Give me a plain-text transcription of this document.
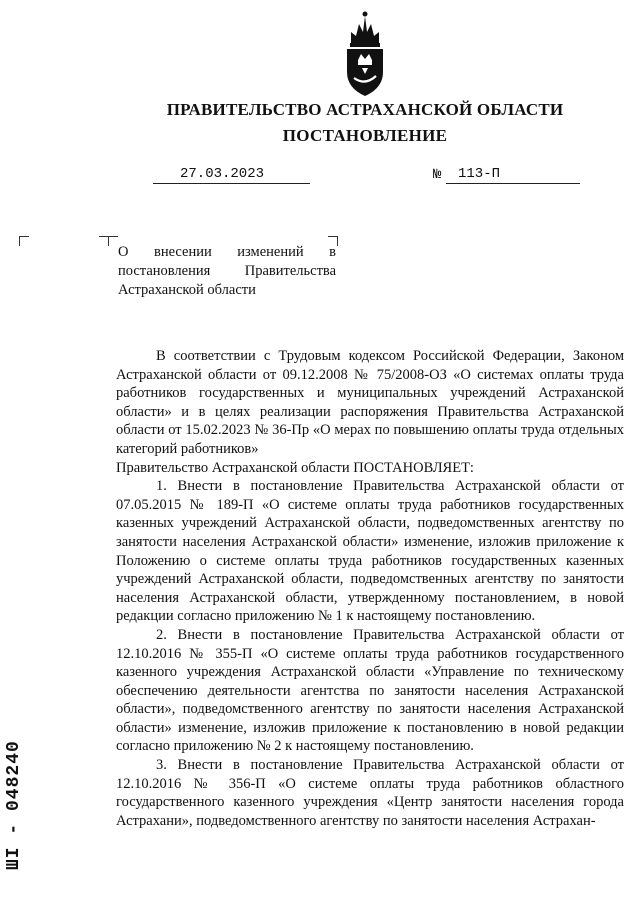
ПРАВИТЕЛЬСТВО АСТРАХАНСКОЙ ОБЛАСТИ
ПОСТАНОВЛЕНИЕ
27.03.2023	№ 113-П
О внесении изменений в постановления Правительства Астраханской области

В соответствии с Трудовым кодексом Российской Федерации, Законом Астраханской области от 09.12.2008 № 75/2008-ОЗ «О системах оплаты труда работников государственных и муниципальных учреждений Астраханской области» и в целях реализации распоряжения Правительства Астраханской области от 15.02.2023 № 36-Пр «О мерах по повышению оплаты труда отдельных категорий работников»

Правительство Астраханской области ПОСТАНОВЛЯЕТ:

1. Внести в постановление Правительства Астраханской области от 07.05.2015 № 189-П «О системе оплаты труда работников государственных казенных учреждений Астраханской области, подведомственных агентству по занятости населения Астраханской области» изменение, изложив приложение к Положению о системе оплаты труда работников государственных казенных учреждений Астраханской области, подведомственных агентству по занятости населения Астраханской области, утвержденному постановлением, в новой редакции согласно приложению № 1 к настоящему постановлению.

2. Внести в постановление Правительства Астраханской области от 12.10.2016 № 355-П «О системе оплаты труда работников государственного казенного учреждения Астраханской области «Управление по техническому обеспечению деятельности агентства по занятости населения Астраханской области», подведомственного агентству по занятости населения Астраханской области» изменение, изложив приложение к постановлению в новой редакции согласно приложению № 2 к настоящему постановлению.

3. Внести в постановление Правительства Астраханской области от 12.10.2016 № 356-П «О системе оплаты труда работников областного государственного казенного учреждения «Центр занятости населения города Астрахани», подведомственного агентству по занятости населения Астрахан-

ШI - 048240
